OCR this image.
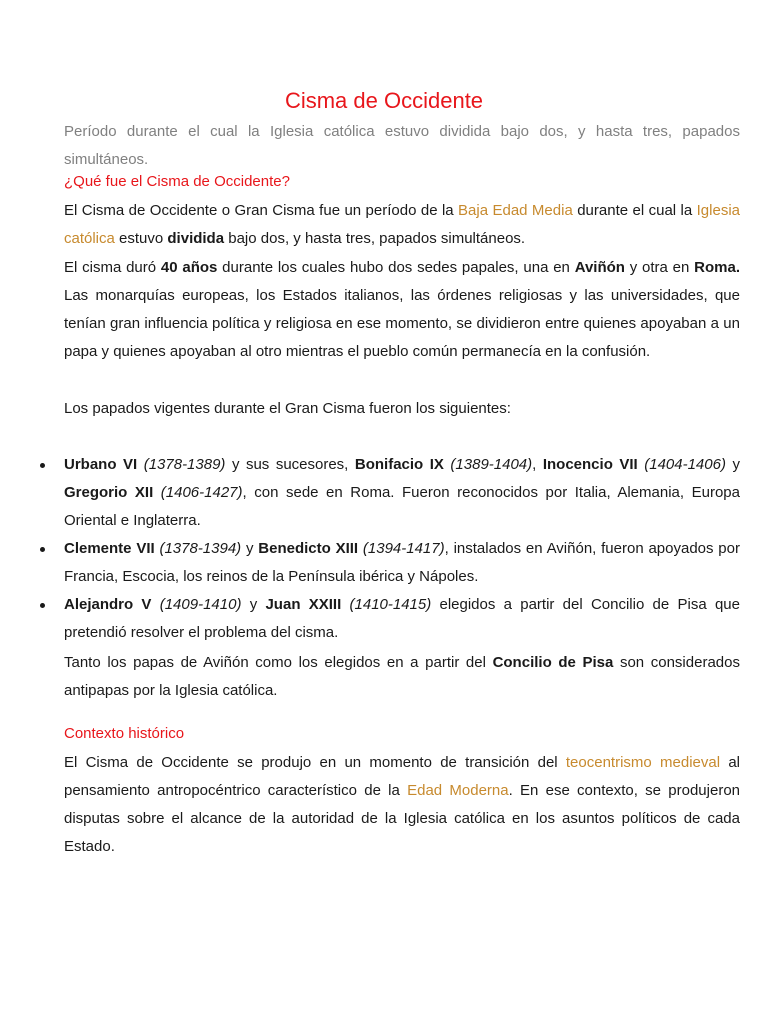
Cisma de Occidente

Período durante el cual la Iglesia católica estuvo dividida bajo dos, y hasta tres, papados simultáneos.

¿Qué fue el Cisma de Occidente?

El Cisma de Occidente o Gran Cisma fue un período de la Baja Edad Media durante el cual la Iglesia católica estuvo dividida bajo dos, y hasta tres, papados simultáneos.

El cisma duró 40 años durante los cuales hubo dos sedes papales, una en Aviñón y otra en Roma. Las monarquías europeas, los Estados italianos, las órdenes religiosas y las universidades, que tenían gran influencia política y religiosa en ese momento, se dividieron entre quienes apoyaban a un papa y quienes apoyaban al otro mientras el pueblo común permanecía en la confusión.

Los papados vigentes durante el Gran Cisma fueron los siguientes:

Urbano VI (1378-1389) y sus sucesores, Bonifacio IX (1389-1404), Inocencio VII (1404-1406) y Gregorio XII (1406-1427), con sede en Roma. Fueron reconocidos por Italia, Alemania, Europa Oriental e Inglaterra.
Clemente VII (1378-1394) y Benedicto XIII (1394-1417), instalados en Aviñón, fueron apoyados por Francia, Escocia, los reinos de la Península ibérica y Nápoles.
Alejandro V (1409-1410) y Juan XXIII (1410-1415) elegidos a partir del Concilio de Pisa que pretendió resolver el problema del cisma.

Tanto los papas de Aviñón como los elegidos en a partir del Concilio de Pisa son considerados antipapas por la Iglesia católica.

Contexto histórico

El Cisma de Occidente se produjo en un momento de transición del teocentrismo medieval al pensamiento antropocéntrico característico de la Edad Moderna. En ese contexto, se produjeron disputas sobre el alcance de la autoridad de la Iglesia católica en los asuntos políticos de cada Estado.
